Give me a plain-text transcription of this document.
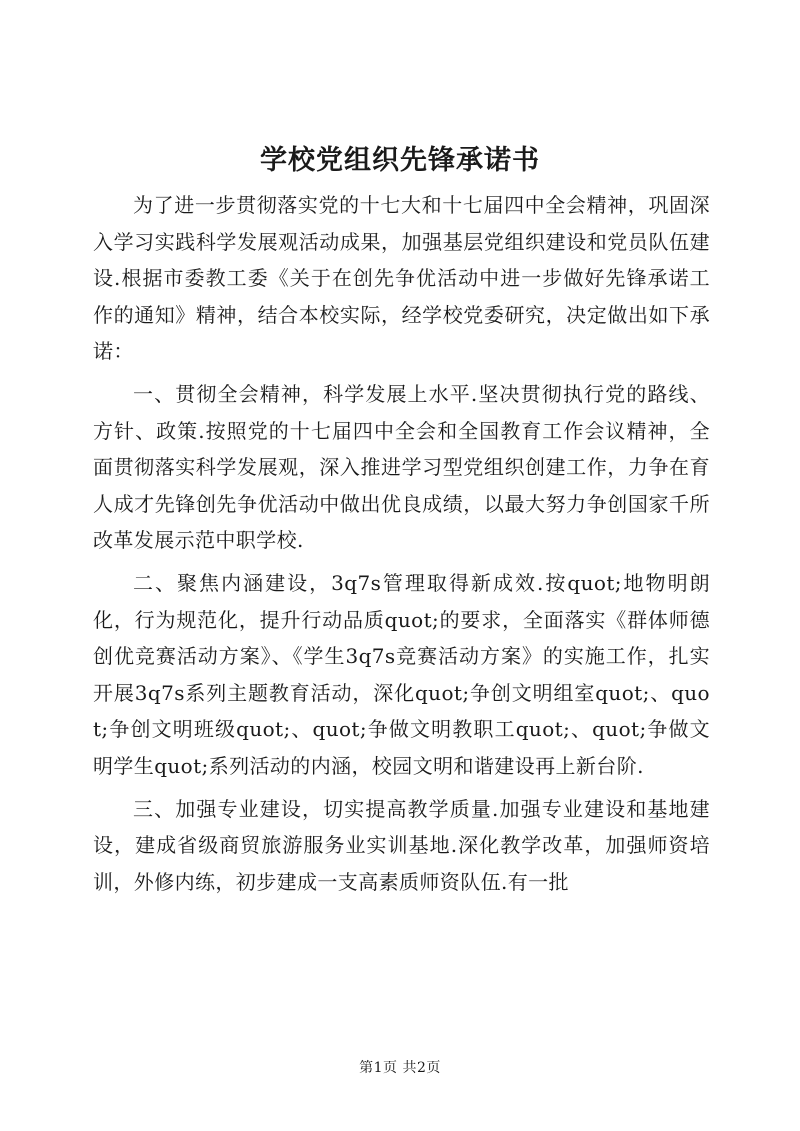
学校党组织先锋承诺书

为了进一步贯彻落实党的十七大和十七届四中全会精神，巩固深入学习实践科学发展观活动成果，加强基层党组织建设和党员队伍建设.根据市委教工委《关于在创先争优活动中进一步做好先锋承诺工作的通知》精神，结合本校实际，经学校党委研究，决定做出如下承诺：

一、贯彻全会精神，科学发展上水平.坚决贯彻执行党的路线、方针、政策.按照党的十七届四中全会和全国教育工作会议精神，全面贯彻落实科学发展观，深入推进学习型党组织创建工作，力争在育人成才先锋创先争优活动中做出优良成绩，以最大努力争创国家千所改革发展示范中职学校.

二、聚焦内涵建设，3q7s管理取得新成效.按quot;地物明朗化，行为规范化，提升行动品质quot;的要求，全面落实《群体师德创优竞赛活动方案》、《学生3q7s竞赛活动方案》的实施工作，扎实开展3q7s系列主题教育活动，深化quot;争创文明组室quot;、quot;争创文明班级quot;、quot;争做文明教职工quot;、quot;争做文明学生quot;系列活动的内涵，校园文明和谐建设再上新台阶.

三、加强专业建设，切实提高教学质量.加强专业建设和基地建设，建成省级商贸旅游服务业实训基地.深化教学改革，加强师资培训，外修内练，初步建成一支高素质师资队伍.有一批

第1页 共2页
